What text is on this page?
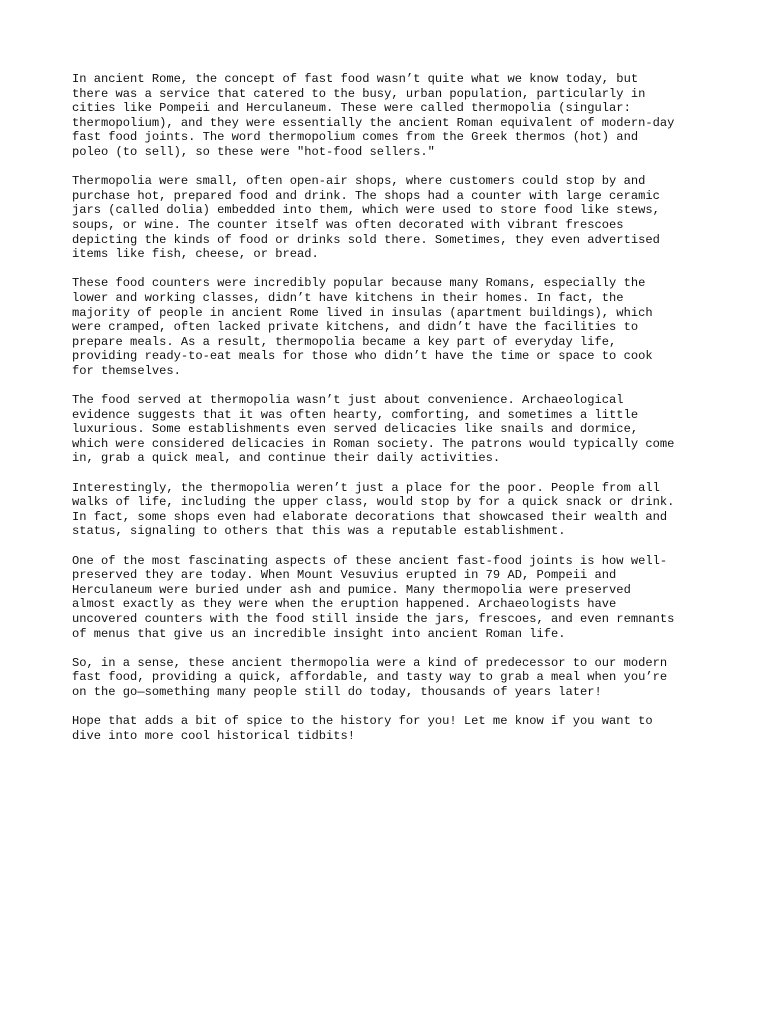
In ancient Rome, the concept of fast food wasn’t quite what we know today, but
there was a service that catered to the busy, urban population, particularly in
cities like Pompeii and Herculaneum. These were called thermopolia (singular:
thermopolium), and they were essentially the ancient Roman equivalent of modern-day
fast food joints. The word thermopolium comes from the Greek thermos (hot) and
poleo (to sell), so these were "hot-food sellers."

Thermopolia were small, often open-air shops, where customers could stop by and
purchase hot, prepared food and drink. The shops had a counter with large ceramic
jars (called dolia) embedded into them, which were used to store food like stews,
soups, or wine. The counter itself was often decorated with vibrant frescoes
depicting the kinds of food or drinks sold there. Sometimes, they even advertised
items like fish, cheese, or bread.

These food counters were incredibly popular because many Romans, especially the
lower and working classes, didn’t have kitchens in their homes. In fact, the
majority of people in ancient Rome lived in insulas (apartment buildings), which
were cramped, often lacked private kitchens, and didn’t have the facilities to
prepare meals. As a result, thermopolia became a key part of everyday life,
providing ready-to-eat meals for those who didn’t have the time or space to cook
for themselves.

The food served at thermopolia wasn’t just about convenience. Archaeological
evidence suggests that it was often hearty, comforting, and sometimes a little
luxurious. Some establishments even served delicacies like snails and dormice,
which were considered delicacies in Roman society. The patrons would typically come
in, grab a quick meal, and continue their daily activities.

Interestingly, the thermopolia weren’t just a place for the poor. People from all
walks of life, including the upper class, would stop by for a quick snack or drink.
In fact, some shops even had elaborate decorations that showcased their wealth and
status, signaling to others that this was a reputable establishment.

One of the most fascinating aspects of these ancient fast-food joints is how well-
preserved they are today. When Mount Vesuvius erupted in 79 AD, Pompeii and
Herculaneum were buried under ash and pumice. Many thermopolia were preserved
almost exactly as they were when the eruption happened. Archaeologists have
uncovered counters with the food still inside the jars, frescoes, and even remnants
of menus that give us an incredible insight into ancient Roman life.

So, in a sense, these ancient thermopolia were a kind of predecessor to our modern
fast food, providing a quick, affordable, and tasty way to grab a meal when you’re
on the go—something many people still do today, thousands of years later!

Hope that adds a bit of spice to the history for you! Let me know if you want to
dive into more cool historical tidbits!
